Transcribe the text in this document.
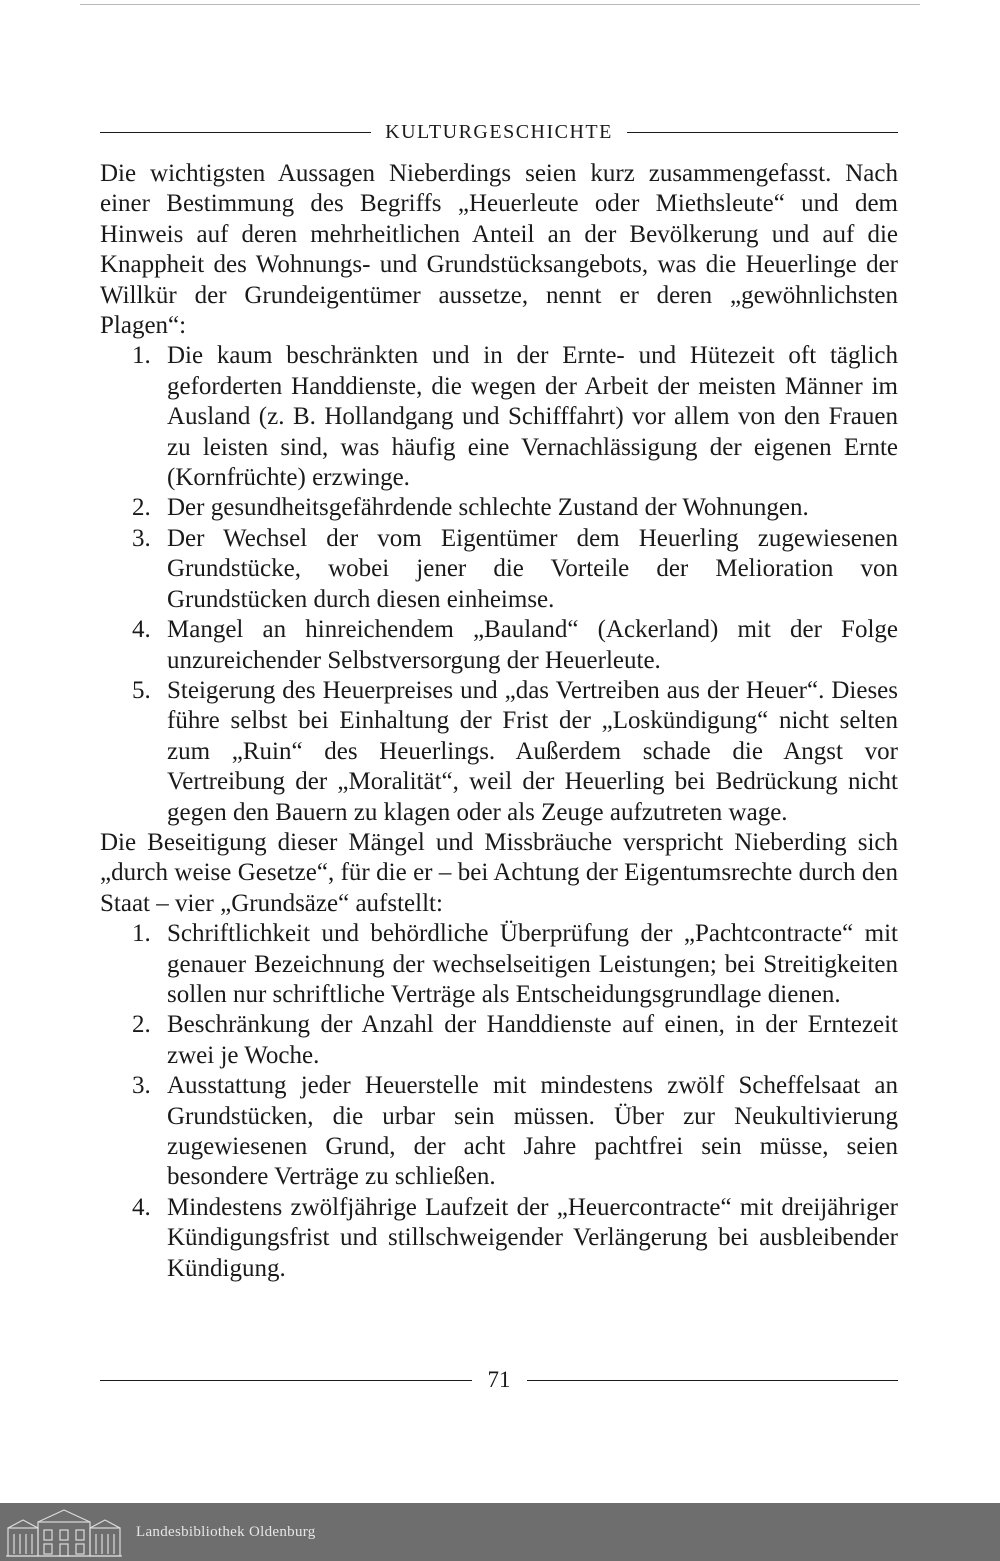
KULTURGESCHICHTE

Die wichtigsten Aussagen Nieberdings seien kurz zusammengefasst. Nach einer Bestimmung des Begriffs „Heuerleute oder Miethsleute“ und dem Hinweis auf deren mehrheitlichen Anteil an der Bevölkerung und auf die Knappheit des Wohnungs- und Grundstücksangebots, was die Heuerlinge der Willkür der Grundeigentümer aussetze, nennt er deren „gewöhnlichsten Plagen“:

1. Die kaum beschränkten und in der Ernte- und Hütezeit oft täglich geforderten Handdienste, die wegen der Arbeit der meisten Männer im Ausland (z. B. Hollandgang und Schifffahrt) vor allem von den Frauen zu leisten sind, was häufig eine Vernachlässigung der eigenen Ernte (Kornfrüchte) erzwinge.
2. Der gesundheitsgefährdende schlechte Zustand der Wohnungen.
3. Der Wechsel der vom Eigentümer dem Heuerling zugewiesenen Grundstücke, wobei jener die Vorteile der Melioration von Grundstücken durch diesen einheimse.
4. Mangel an hinreichendem „Bauland“ (Ackerland) mit der Folge unzureichender Selbstversorgung der Heuerleute.
5. Steigerung des Heuerpreises und „das Vertreiben aus der Heuer“. Dieses führe selbst bei Einhaltung der Frist der „Loskündigung“ nicht selten zum „Ruin“ des Heuerlings. Außerdem schade die Angst vor Vertreibung der „Moralität“, weil der Heuerling bei Bedrückung nicht gegen den Bauern zu klagen oder als Zeuge aufzutreten wage.

Die Beseitigung dieser Mängel und Missbräuche verspricht Nieberding sich „durch weise Gesetze“, für die er – bei Achtung der Eigentumsrechte durch den Staat – vier „Grundsäze“ aufstellt:

1. Schriftlichkeit und behördliche Überprüfung der „Pachtcontracte“ mit genauer Bezeichnung der wechselseitigen Leistungen; bei Streitigkeiten sollen nur schriftliche Verträge als Entscheidungsgrundlage dienen.
2. Beschränkung der Anzahl der Handdienste auf einen, in der Erntezeit zwei je Woche.
3. Ausstattung jeder Heuerstelle mit mindestens zwölf Scheffelsaat an Grundstücken, die urbar sein müssen. Über zur Neukultivierung zugewiesenen Grund, der acht Jahre pachtfrei sein müsse, seien besondere Verträge zu schließen.
4. Mindestens zwölfjährige Laufzeit der „Heuercontracte“ mit dreijähriger Kündigungsfrist und stillschweigender Verlängerung bei ausbleibender Kündigung.
71
Landesbibliothek Oldenburg
